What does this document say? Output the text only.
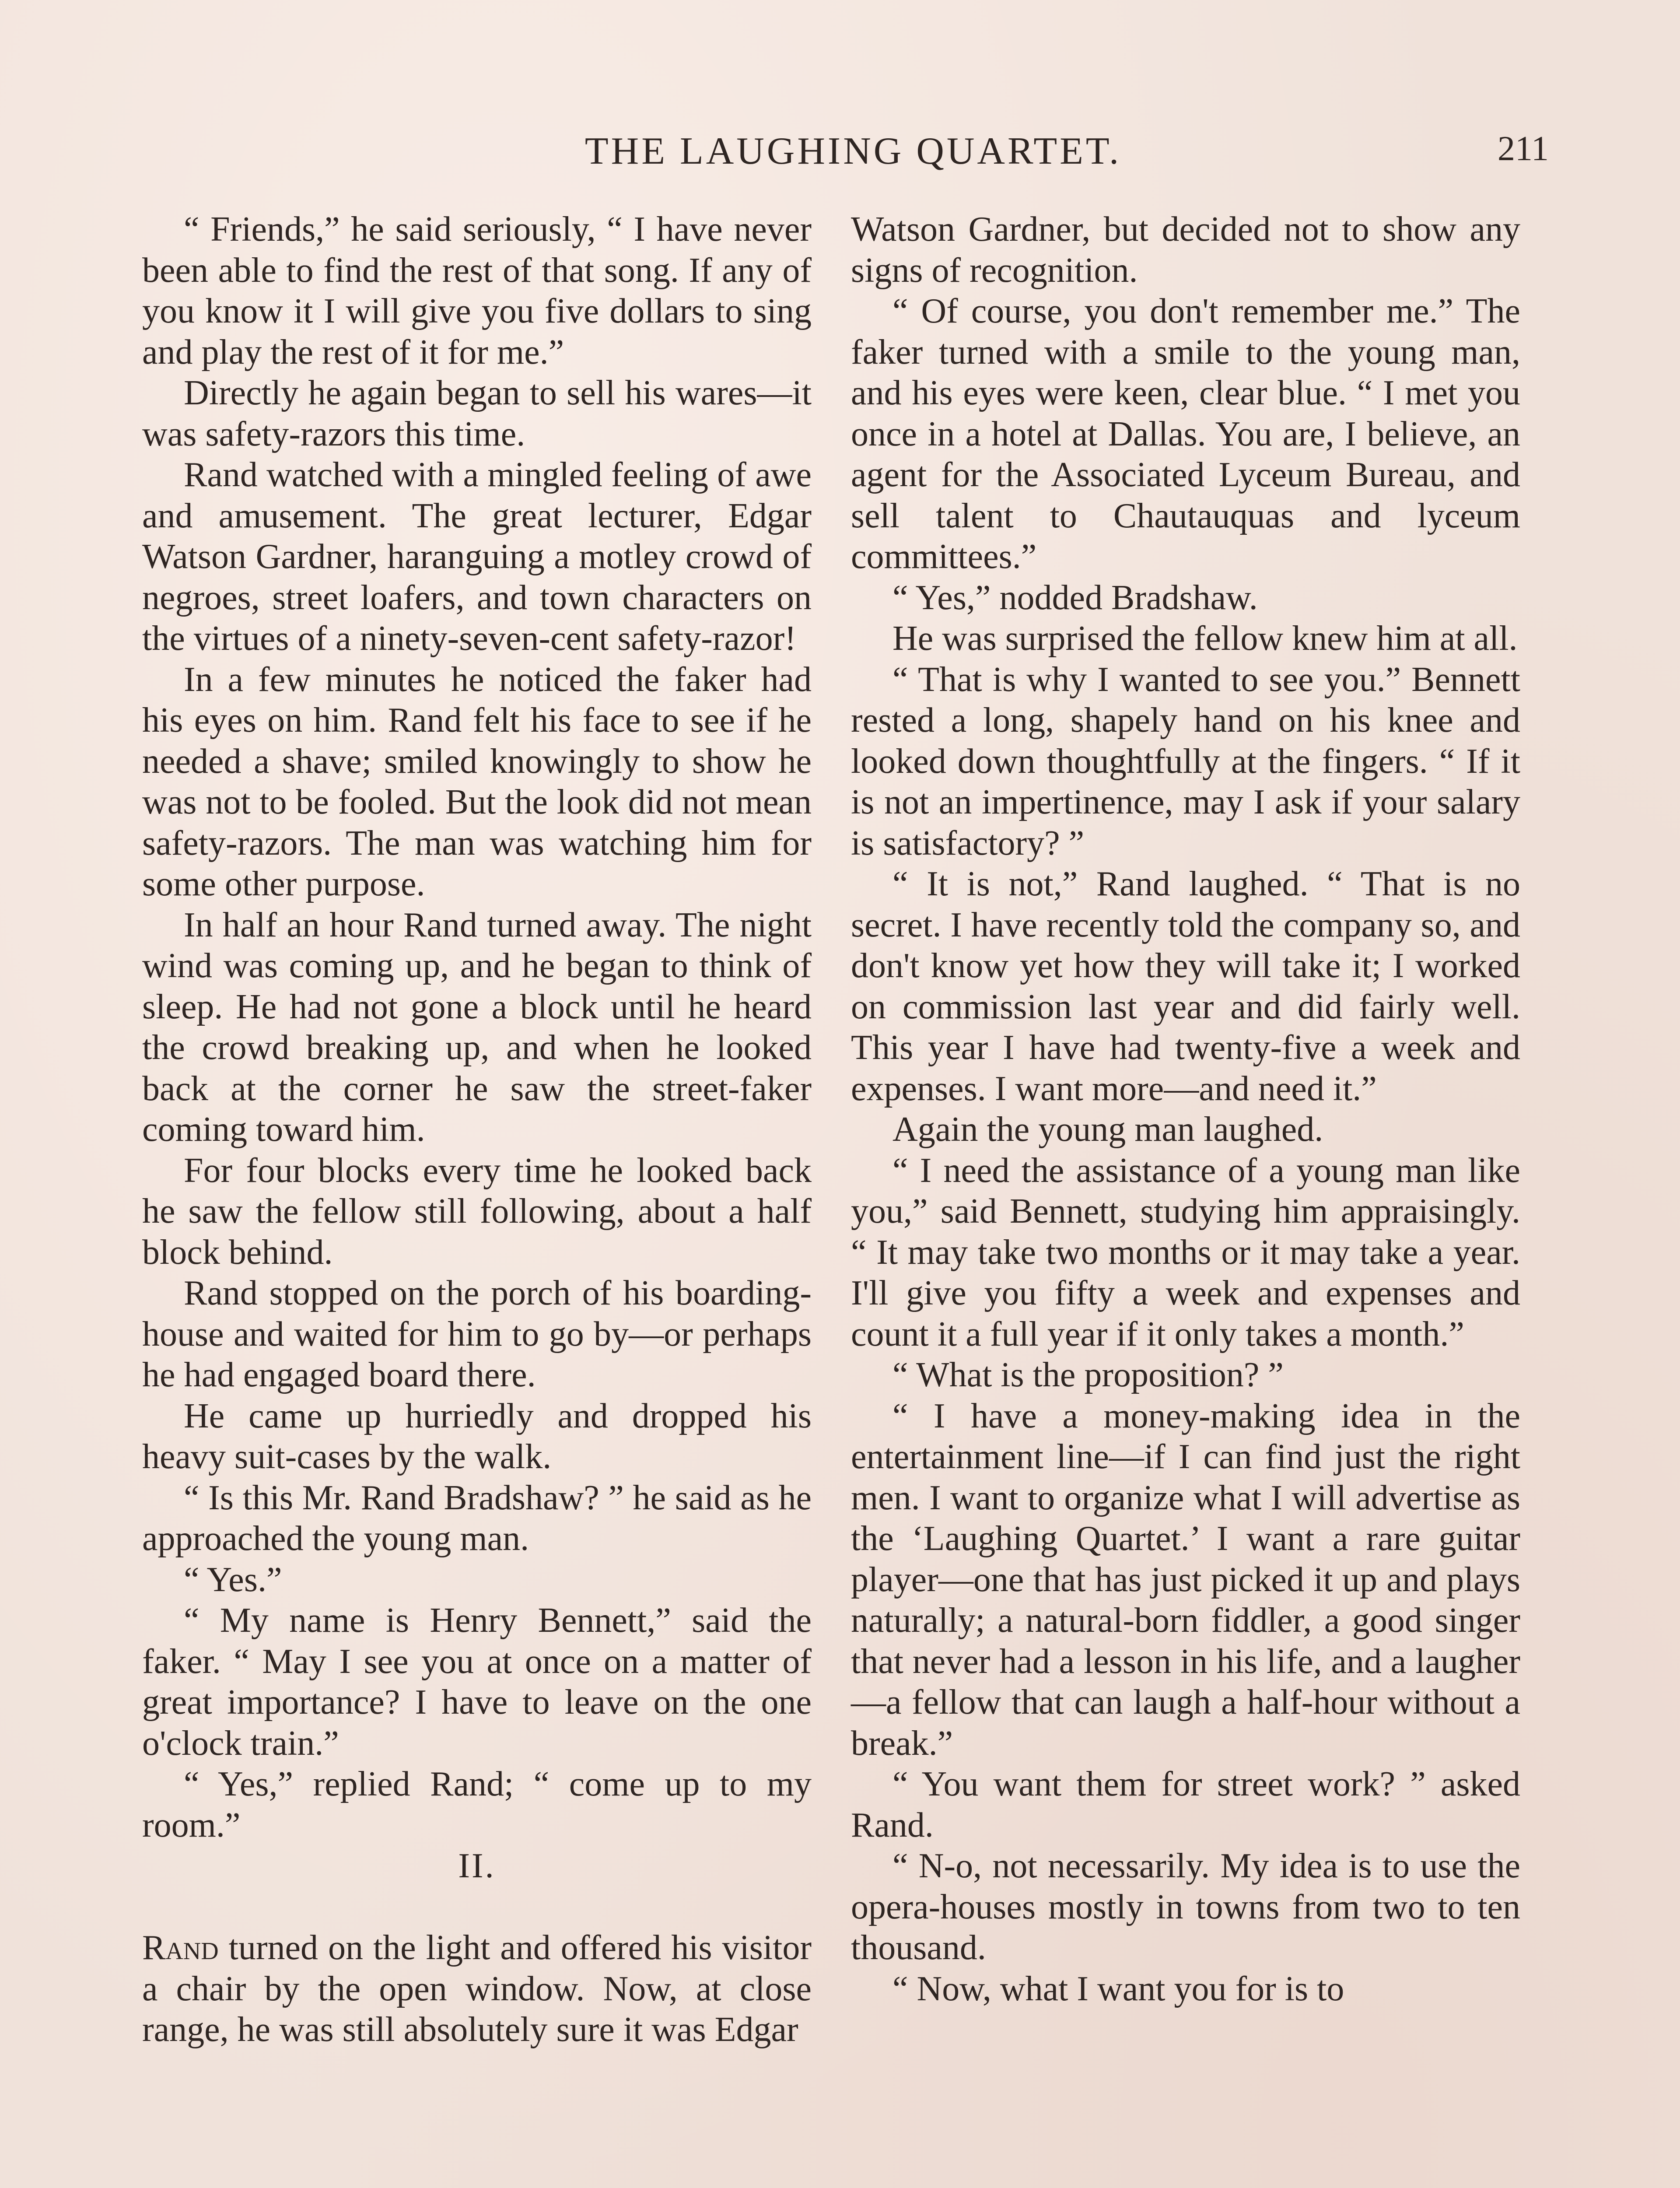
THE LAUGHING QUARTET.	211

“ Friends,” he said seriously, “ I have never been able to find the rest of that song. If any of you know it I will give you five dollars to sing and play the rest of it for me.”

Directly he again began to sell his wares—it was safety-razors this time.

Rand watched with a mingled feeling of awe and amusement. The great lecturer, Edgar Watson Gardner, haranguing a motley crowd of negroes, street loafers, and town characters on the virtues of a ninety-seven-cent safety-razor!

In a few minutes he noticed the faker had his eyes on him. Rand felt his face to see if he needed a shave; smiled knowingly to show he was not to be fooled. But the look did not mean safety-razors. The man was watching him for some other purpose.

In half an hour Rand turned away. The night wind was coming up, and he began to think of sleep. He had not gone a block until he heard the crowd breaking up, and when he looked back at the corner he saw the street-faker coming toward him.

For four blocks every time he looked back he saw the fellow still following, about a half block behind.

Rand stopped on the porch of his boarding-house and waited for him to go by—or perhaps he had engaged board there.

He came up hurriedly and dropped his heavy suit-cases by the walk.

“ Is this Mr. Rand Bradshaw? ” he said as he approached the young man.

“ Yes.”

“ My name is Henry Bennett,” said the faker. “ May I see you at once on a matter of great importance? I have to leave on the one o'clock train.”

“ Yes,” replied Rand; “ come up to my room.”

II.

Rand turned on the light and offered his visitor a chair by the open window. Now, at close range, he was still absolutely sure it was Edgar

Watson Gardner, but decided not to show any signs of recognition.

“ Of course, you don't remember me.” The faker turned with a smile to the young man, and his eyes were keen, clear blue. “ I met you once in a hotel at Dallas. You are, I believe, an agent for the Associated Lyceum Bureau, and sell talent to Chautauquas and lyceum committees.”

“ Yes,” nodded Bradshaw.

He was surprised the fellow knew him at all.

“ That is why I wanted to see you.” Bennett rested a long, shapely hand on his knee and looked down thoughtfully at the fingers. “ If it is not an impertinence, may I ask if your salary is satisfactory? ”

“ It is not,” Rand laughed. “ That is no secret. I have recently told the company so, and don't know yet how they will take it; I worked on commission last year and did fairly well. This year I have had twenty-five a week and expenses. I want more—and need it.”

Again the young man laughed.

“ I need the assistance of a young man like you,” said Bennett, studying him appraisingly. “ It may take two months or it may take a year. I'll give you fifty a week and expenses and count it a full year if it only takes a month.”

“ What is the proposition? ”

“ I have a money-making idea in the entertainment line—if I can find just the right men. I want to organize what I will advertise as the ‘Laughing Quartet.’ I want a rare guitar player—one that has just picked it up and plays naturally; a natural-born fiddler, a good singer that never had a lesson in his life, and a laugher—a fellow that can laugh a half-hour without a break.”

“ You want them for street work? ” asked Rand.

“ N-o, not necessarily. My idea is to use the opera-houses mostly in towns from two to ten thousand.

“ Now, what I want you for is to
